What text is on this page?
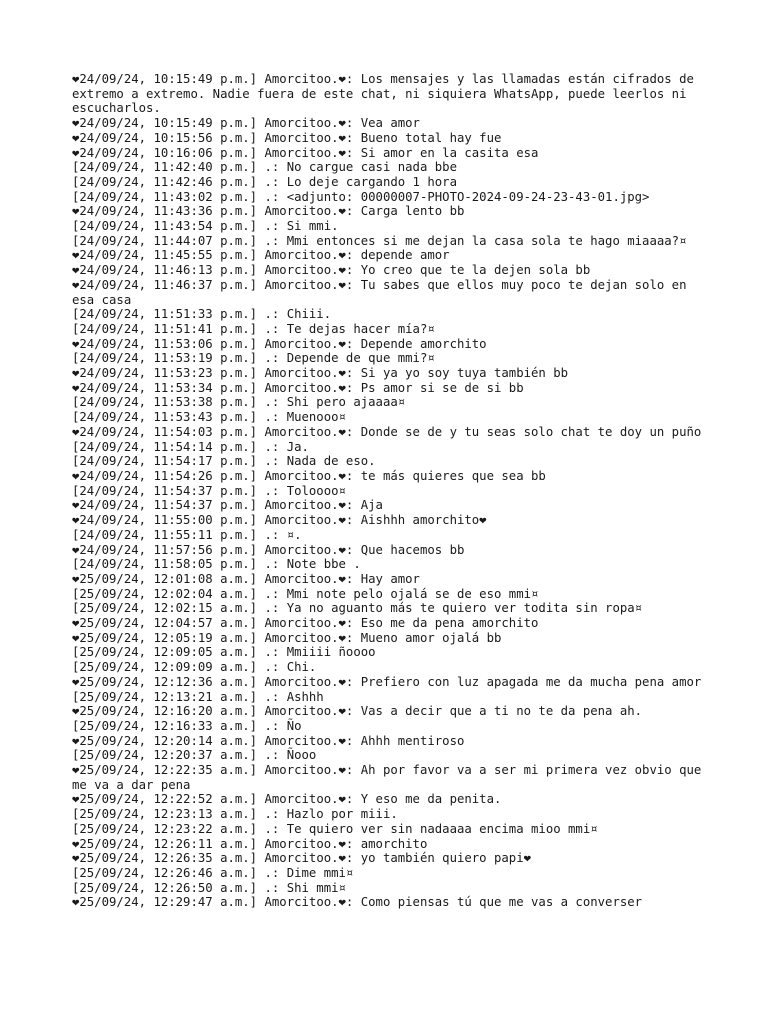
❤24/09/24, 10:15:49 p.m.] Amorcitoo.❤: Los mensajes y las llamadas están cifrados de extremo a extremo. Nadie fuera de este chat, ni siquiera WhatsApp, puede leerlos ni escucharlos.
❤24/09/24, 10:15:49 p.m.] Amorcitoo.❤: Vea amor
❤24/09/24, 10:15:56 p.m.] Amorcitoo.❤: Bueno total hay fue
❤24/09/24, 10:16:06 p.m.] Amorcitoo.❤: Si amor en la casita esa
[24/09/24, 11:42:40 p.m.] .: No cargue casi nada bbe
[24/09/24, 11:42:46 p.m.] .: Lo deje cargando 1 hora
[24/09/24, 11:43:02 p.m.] .: <adjunto: 00000007-PHOTO-2024-09-24-23-43-01.jpg>
❤24/09/24, 11:43:36 p.m.] Amorcitoo.❤: Carga lento bb
[24/09/24, 11:43:54 p.m.] .: Si mmi.
[24/09/24, 11:44:07 p.m.] .: Mmi entonces si me dejan la casa sola te hago miaaaa?¤
❤24/09/24, 11:45:55 p.m.] Amorcitoo.❤: depende amor
❤24/09/24, 11:46:13 p.m.] Amorcitoo.❤: Yo creo que te la dejen sola bb
❤24/09/24, 11:46:37 p.m.] Amorcitoo.❤: Tu sabes que ellos muy poco te dejan solo en esa casa
[24/09/24, 11:51:33 p.m.] .: Chiii.
[24/09/24, 11:51:41 p.m.] .: Te dejas hacer mía?¤
❤24/09/24, 11:53:06 p.m.] Amorcitoo.❤: Depende amorchito
[24/09/24, 11:53:19 p.m.] .: Depende de que mmi?¤
❤24/09/24, 11:53:23 p.m.] Amorcitoo.❤: Si ya yo soy tuya también bb
❤24/09/24, 11:53:34 p.m.] Amorcitoo.❤: Ps amor si se de si bb
[24/09/24, 11:53:38 p.m.] .: Shi pero ajaaaa¤
[24/09/24, 11:53:43 p.m.] .: Muenooo¤
❤24/09/24, 11:54:03 p.m.] Amorcitoo.❤: Donde se de y tu seas solo chat te doy un puño
[24/09/24, 11:54:14 p.m.] .: Ja.
[24/09/24, 11:54:17 p.m.] .: Nada de eso.
❤24/09/24, 11:54:26 p.m.] Amorcitoo.❤: te más quieres que sea bb
[24/09/24, 11:54:37 p.m.] .: Toloooo¤
❤24/09/24, 11:54:37 p.m.] Amorcitoo.❤: Aja
❤24/09/24, 11:55:00 p.m.] Amorcitoo.❤: Aishhh amorchito❤
[24/09/24, 11:55:11 p.m.] .: ¤.
❤24/09/24, 11:57:56 p.m.] Amorcitoo.❤: Que hacemos bb
[24/09/24, 11:58:05 p.m.] .: Note bbe .
❤25/09/24, 12:01:08 a.m.] Amorcitoo.❤: Hay amor
[25/09/24, 12:02:04 a.m.] .: Mmi note pelo ojalá se de eso mmi¤
[25/09/24, 12:02:15 a.m.] .: Ya no aguanto más te quiero ver todita sin ropa¤
❤25/09/24, 12:04:57 a.m.] Amorcitoo.❤: Eso me da pena amorchito
❤25/09/24, 12:05:19 a.m.] Amorcitoo.❤: Mueno amor ojalá bb
[25/09/24, 12:09:05 a.m.] .: Mmiiii ñoooo
[25/09/24, 12:09:09 a.m.] .: Chi.
❤25/09/24, 12:12:36 a.m.] Amorcitoo.❤: Prefiero con luz apagada me da mucha pena amor
[25/09/24, 12:13:21 a.m.] .: Ashhh
❤25/09/24, 12:16:20 a.m.] Amorcitoo.❤: Vas a decir que a ti no te da pena ah.
[25/09/24, 12:16:33 a.m.] .: Ño
❤25/09/24, 12:20:14 a.m.] Amorcitoo.❤: Ahhh mentiroso
[25/09/24, 12:20:37 a.m.] .: Ñooo
❤25/09/24, 12:22:35 a.m.] Amorcitoo.❤: Ah por favor va a ser mi primera vez obvio que me va a dar pena
❤25/09/24, 12:22:52 a.m.] Amorcitoo.❤: Y eso me da penita.
[25/09/24, 12:23:13 a.m.] .: Hazlo por miii.
[25/09/24, 12:23:22 a.m.] .: Te quiero ver sin nadaaaa encima mioo mmi¤
❤25/09/24, 12:26:11 a.m.] Amorcitoo.❤: amorchito
❤25/09/24, 12:26:35 a.m.] Amorcitoo.❤: yo también quiero papi❤
[25/09/24, 12:26:46 a.m.] .: Dime mmi¤
[25/09/24, 12:26:50 a.m.] .: Shi mmi¤
❤25/09/24, 12:29:47 a.m.] Amorcitoo.❤: Como piensas tú que me vas a converser
